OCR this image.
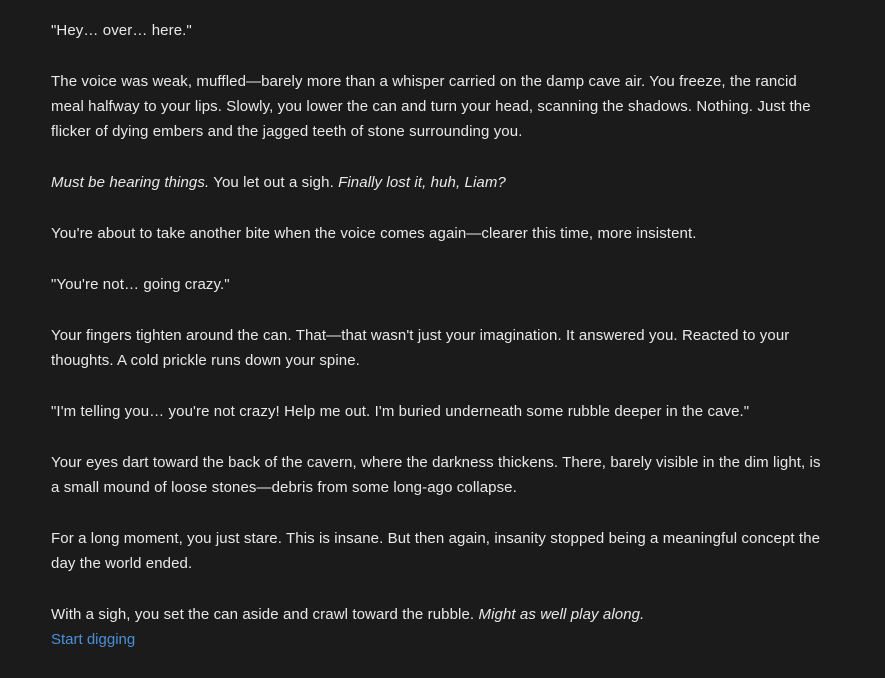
"Hey… over… here."
The voice was weak, muffled—barely more than a whisper carried on the damp cave air. You freeze, the rancid meal halfway to your lips. Slowly, you lower the can and turn your head, scanning the shadows. Nothing. Just the flicker of dying embers and the jagged teeth of stone surrounding you.
Must be hearing things. You let out a sigh. Finally lost it, huh, Liam?
You're about to take another bite when the voice comes again—clearer this time, more insistent.
"You're not… going crazy."
Your fingers tighten around the can. That—that wasn't just your imagination. It answered you. Reacted to your thoughts. A cold prickle runs down your spine.
"I'm telling you… you're not crazy! Help me out. I'm buried underneath some rubble deeper in the cave."
Your eyes dart toward the back of the cavern, where the darkness thickens. There, barely visible in the dim light, is a small mound of loose stones—debris from some long-ago collapse.
For a long moment, you just stare. This is insane. But then again, insanity stopped being a meaningful concept the day the world ended.
With a sigh, you set the can aside and crawl toward the rubble. Might as well play along.
Start digging
